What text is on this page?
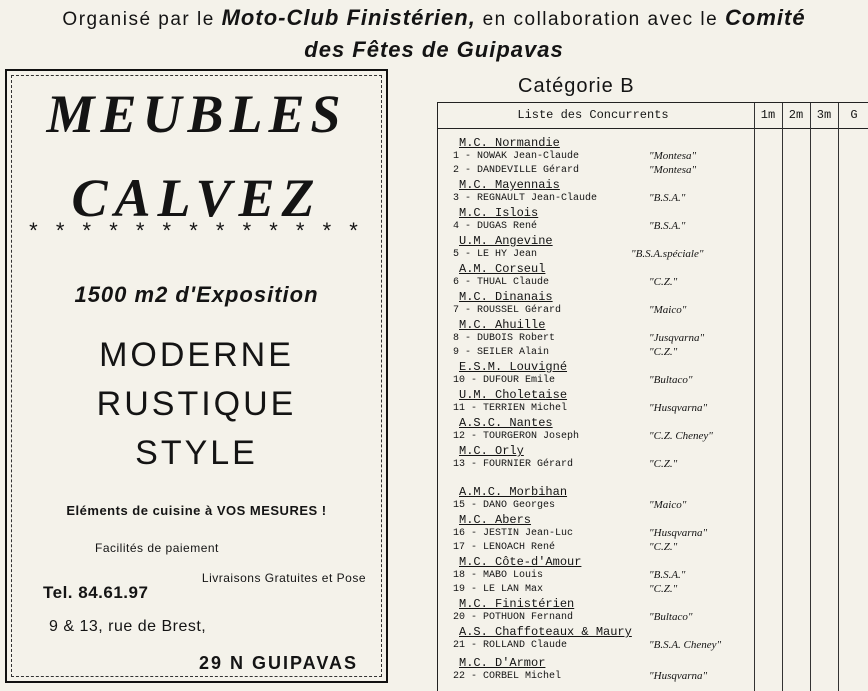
Organisé par le Moto-Club Finistérien, en collaboration avec le Comité
des Fêtes de Guipavas
MEUBLES
CALVEZ
* * * * * * * * * * * * *
1500 m2 d'Exposition
MODERNE
RUSTIQUE
STYLE
Eléments de cuisine à VOS MESURES !
Facilités de paiement
Livraisons Gratuites et Pose
Tel. 84.61.97
9 & 13, rue de Brest,
29 N GUIPAVAS
Catégorie B
Liste des Concurrents	1m	2m	3m	G
M.C. Normandie
1 - NOWAK Jean-Claude	"Montesa"
2 - DANDEVILLE Gérard	"Montesa"
M.C. Mayennais
3 - REGNAULT Jean-Claude	"B.S.A."
M.C. Islois
4 - DUGAS René	"B.S.A."
U.M. Angevine
5 - LE HY Jean	"B.S.A.spéciale"
A.M. Corseul
6 - THUAL Claude	"C.Z."
M.C. Dinanais
7 - ROUSSEL Gérard	"Maico"
M.C. Ahuille
8 - DUBOIS Robert	"Jusqvarna"
9 - SEILER Alain	"C.Z."
E.S.M. Louvigné
10 - DUFOUR Emile	"Bultaco"
U.M. Choletaise
11 - TERRIEN Michel	"Husqvarna"
A.S.C. Nantes
12 - TOURGERON Joseph	"C.Z. Cheney"
M.C. Orly
13 - FOURNIER Gérard	"C.Z."
A.M.C. Morbihan
15 - DANO Georges	"Maico"
M.C. Abers
16 - JESTIN Jean-Luc	"Husqvarna"
17 - LENOACH René	"C.Z."
M.C. Côte-d'Amour
18 - MABO Louis	"B.S.A."
19 - LE LAN Max	"C.Z."
M.C. Finistérien
20 - POTHUON Fernand	"Bultaco"
A.S. Chaffoteaux & Maury
21 - ROLLAND Claude	"B.S.A. Cheney"
M.C. D'Armor
22 - CORBEL Michel	"Husqvarna"
